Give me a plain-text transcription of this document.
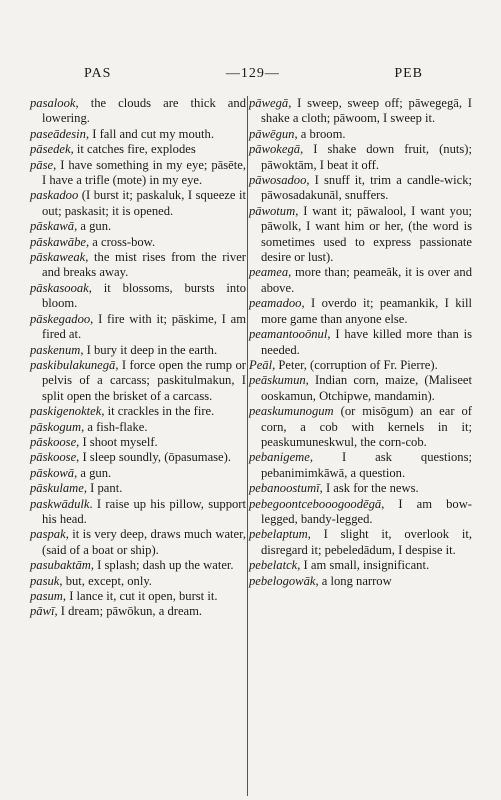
PAS	—129—	PEB
pasalook, the clouds are thick and lowering.
paseādesin, I fall and cut my mouth.
pāsedek, it catches fire, explodes
pāse, I have something in my eye; pāsēte, I have a trifle (mote) in my eye.
paskadoo (I burst it; paskaluk, I squeeze it out; paskasit; it is opened.
pāskawā, a gun.
pāskawābe, a cross-bow.
pāskaweak, the mist rises from the river and breaks away.
pāskasooak, it blossoms, bursts into bloom.
pāskegadoo, I fire with it; pāskime, I am fired at.
paskenum, I bury it deep in the earth.
paskibulakunegā, I force open the rump or pelvis of a carcass; paskitulmakun, I split open the brisket of a carcass.
paskigenoktek, it crackles in the fire.
pāskogum, a fish-flake.
pāskoose, I shoot myself.
pāskoose, I sleep soundly, (ōpasumase).
pāskowā, a gun.
pāskulame, I pant.
paskwādulk. I raise up his pillow, support his head.
paspak, it is very deep, draws much water, (said of a boat or ship).
pasubaktām, I splash; dash up the water.
pasuk, but, except, only.
pasum, I lance it, cut it open, burst it.
pāwī, I dream; pāwōkun, a dream.
pāwegā, I sweep, sweep off; pāwegegā, I shake a cloth; pāwoom, I sweep it.
pāwēgun, a broom.
pāwokegā, I shake down fruit, (nuts); pāwoktām, I beat it off.
pāwosadoo, I snuff it, trim a candle-wick; pāwosadakunāl, snuffers.
pāwotum, I want it; pāwalool, I want you; pāwolk, I want him or her, (the word is sometimes used to express passionate desire or lust).
peamea, more than; peameāk, it is over and above.
peamadoo, I overdo it; peamankik, I kill more game than anyone else.
peamantooōnul, I have killed more than is needed.
Peāl, Peter, (corruption of Fr. Pierre).
peāskumun, Indian corn, maize, (Maliseet ooskamun, Otchipwe, mandamin).
peaskumunogum (or misōgum) an ear of corn, a cob with kernels in it; peaskumuneskwul, the corn-cob.
pebanigeme, I ask questions; pebanimimkāwā, a question.
pebanoostumī, I ask for the news.
pebegoontcebooogoodēgā, I am bow-legged, bandy-legged.
pebelaptum, I slight it, overlook it, disregard it; pebeledādum, I despise it.
pebelatck, I am small, insignificant.
pebelogowāk, a long narrow
